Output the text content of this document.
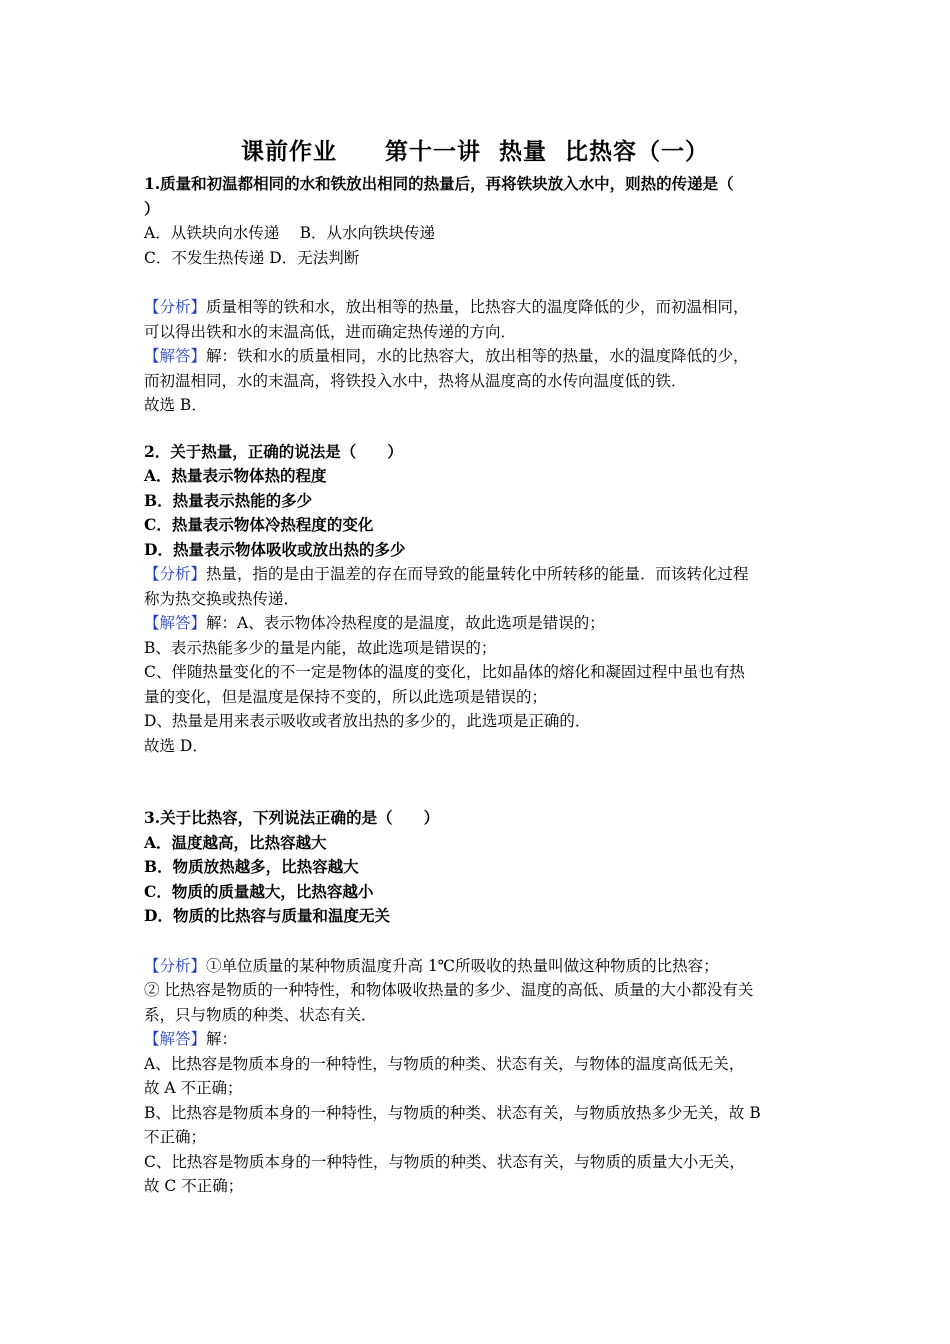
课前作业　　第十一讲  热量  比热容（一）
1.质量和初温都相同的水和铁放出相同的热量后，再将铁块放入水中，则热的传递是（
）
A．从铁块向水传递　 B．从水向铁块传递
C．不发生热传递 D．无法判断
【分析】质量相等的铁和水，放出相等的热量，比热容大的温度降低的少，而初温相同，
可以得出铁和水的末温高低，进而确定热传递的方向．
【解答】解：铁和水的质量相同，水的比热容大，放出相等的热量，水的温度降低的少，
而初温相同，水的末温高，将铁投入水中，热将从温度高的水传向温度低的铁．
故选 B．
2．关于热量，正确的说法是（　　）
A．热量表示物体热的程度
B．热量表示热能的多少
C．热量表示物体冷热程度的变化
D．热量表示物体吸收或放出热的多少
【分析】热量，指的是由于温差的存在而导致的能量转化中所转移的能量．而该转化过程
称为热交换或热传递．
【解答】解：A、表示物体冷热程度的是温度，故此选项是错误的；
B、表示热能多少的量是内能，故此选项是错误的；
C、伴随热量变化的不一定是物体的温度的变化，比如晶体的熔化和凝固过程中虽也有热
量的变化，但是温度是保持不变的，所以此选项是错误的；
D、热量是用来表示吸收或者放出热的多少的，此选项是正确的．
故选 D．
3.关于比热容，下列说法正确的是（　　）
A．温度越高，比热容越大
B．物质放热越多，比热容越大
C．物质的质量越大，比热容越小
D．物质的比热容与质量和温度无关
【分析】①单位质量的某种物质温度升高 1℃所吸收的热量叫做这种物质的比热容；
② 比热容是物质的一种特性，和物体吸收热量的多少、温度的高低、质量的大小都没有关
系，只与物质的种类、状态有关．
【解答】解：
A、比热容是物质本身的一种特性，与物质的种类、状态有关，与物体的温度高低无关，
故 A 不正确；
B、比热容是物质本身的一种特性，与物质的种类、状态有关，与物质放热多少无关，故 B
不正确；
C、比热容是物质本身的一种特性，与物质的种类、状态有关，与物质的质量大小无关，
故 C 不正确；
